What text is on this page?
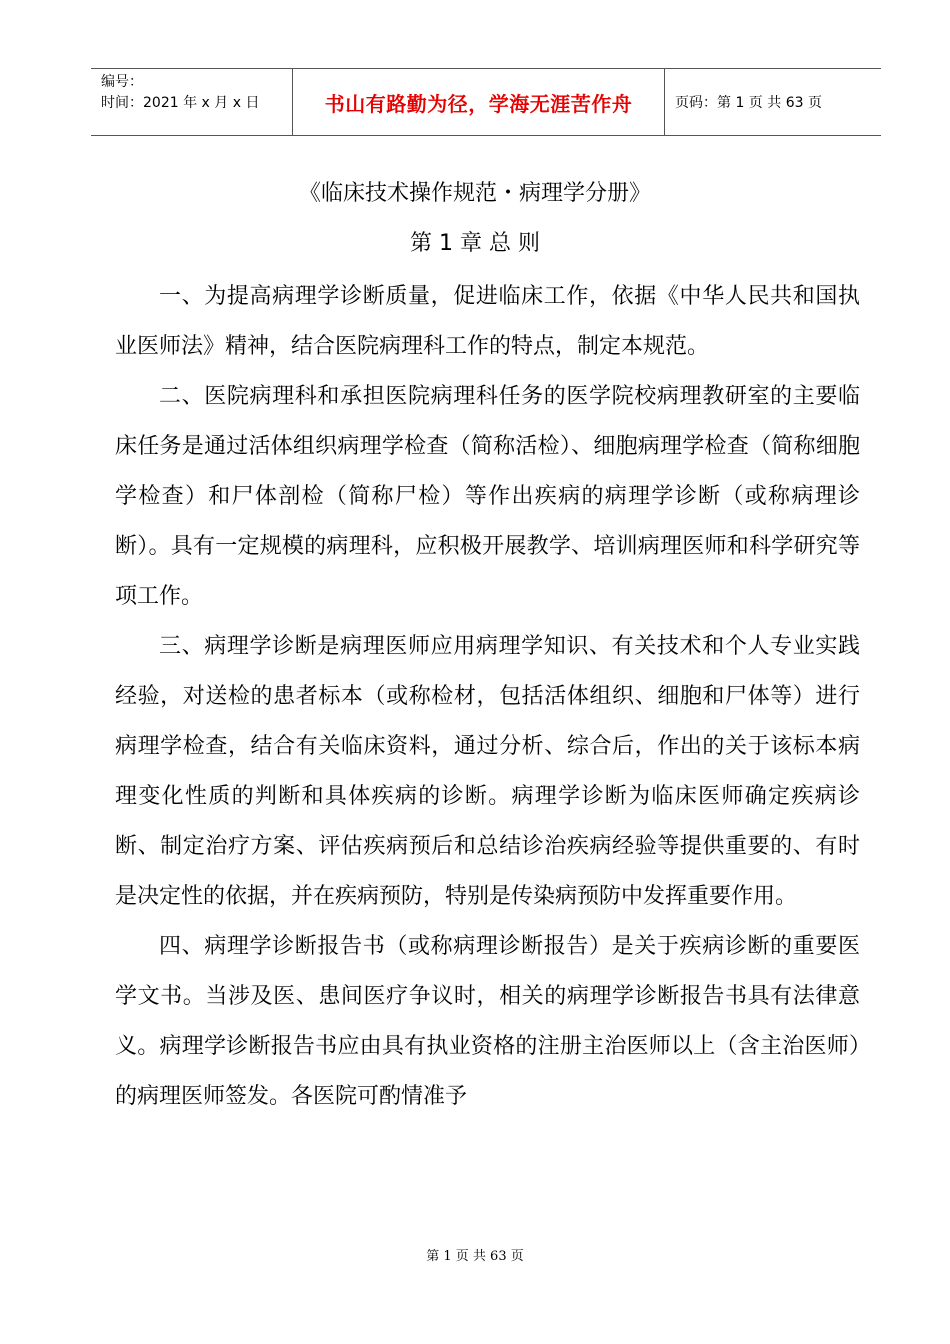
编号：
时间：2021 年 x 月 x 日	书山有路勤为径，学海无涯苦作舟	页码：第 1 页 共 63 页
《临床技术操作规范・病理学分册》
第 1 章 总 则

一、为提高病理学诊断质量，促进临床工作，依据《中华人民共和国执业医师法》精神，结合医院病理科工作的特点，制定本规范。

二、医院病理科和承担医院病理科任务的医学院校病理教研室的主要临床任务是通过活体组织病理学检查（简称活检）、细胞病理学检查（简称细胞学检查）和尸体剖检（简称尸检）等作出疾病的病理学诊断（或称病理诊断）。具有一定规模的病理科，应积极开展教学、培训病理医师和科学研究等项工作。

三、病理学诊断是病理医师应用病理学知识、有关技术和个人专业实践经验，对送检的患者标本（或称检材，包括活体组织、细胞和尸体等）进行病理学检查，结合有关临床资料，通过分析、综合后，作出的关于该标本病理变化性质的判断和具体疾病的诊断。病理学诊断为临床医师确定疾病诊断、制定治疗方案、评估疾病预后和总结诊治疾病经验等提供重要的、有时是决定性的依据，并在疾病预防，特别是传染病预防中发挥重要作用。

四、病理学诊断报告书（或称病理诊断报告）是关于疾病诊断的重要医学文书。当涉及医、患间医疗争议时，相关的病理学诊断报告书具有法律意义。病理学诊断报告书应由具有执业资格的注册主治医师以上（含主治医师）的病理医师签发。各医院可酌情准予

第 1 页 共 63 页
